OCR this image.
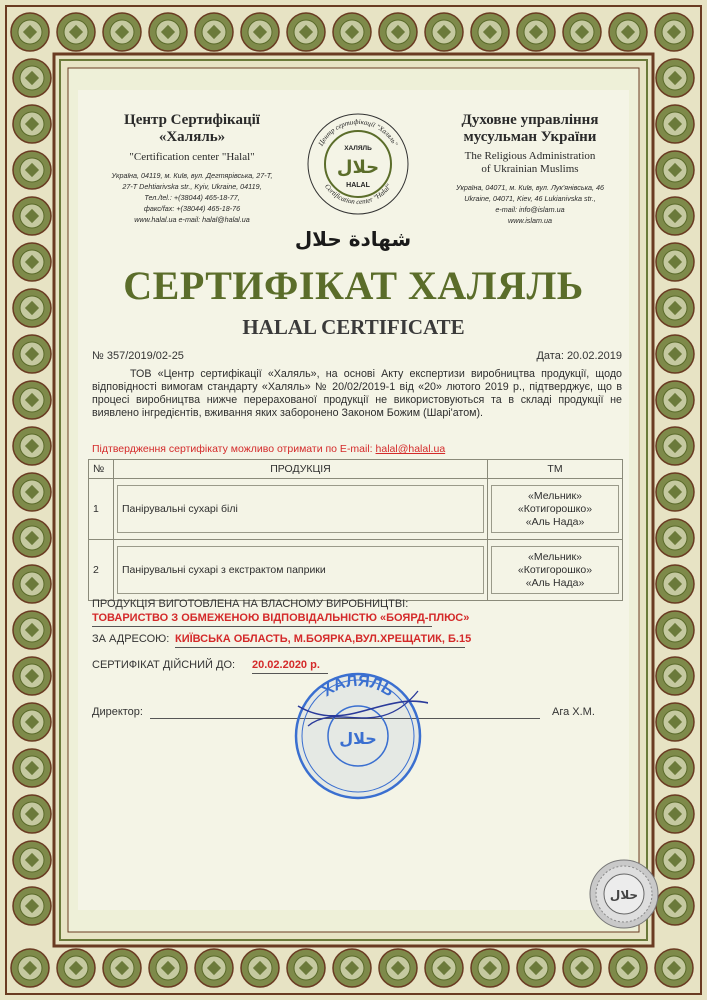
Центр Сертифікації
«Халяль»
"Certification center "Halal"
Україна, 04119, м. Київ, вул. Дегтярівська, 27-Т,
27-T Dehtiarivska str., Kyiv, Ukraine, 04119,
Тел./tel.: +(38044) 465-18-77,
факс/fax: +(38044) 465-18-76
www.halal.ua e-mail: halal@halal.ua
Центр сертифікації "Халяль"
Certification center "Halal"
ХАЛЯЛЬ
حلال
HALAL
Духовне управління
мусульман України
The Religious Administration
of Ukrainian Muslims
Україна, 04071, м. Київ, вул. Лук'янівська, 46
Ukraine, 04071, Kiev, 46 Lukianivska str.,
e-mail: info@islam.ua
www.islam.ua
شهادة حلال
СЕРТИФІКАТ ХАЛЯЛЬ
HALAL CERTIFICATE
№ 357/2019/02-25	Дата: 20.02.2019
ТОВ «Центр сертифікації «Халяль», на основі Акту експертизи виробництва продукції, щодо відповідності вимогам стандарту «Халяль» № 20/02/2019-1 від «20» лютого 2019 р., підтверджує, що в процесі виробництва нижче перерахованої продукції не використовуються та в складі продукції не виявлено інгредієнтів, вживання яких заборонено Законом Божим (Шарі'атом).
Підтвердження сертифікату можливо отримати по E-mail: halal@halal.ua
№	ПРОДУКЦІЯ	ТМ
1	Панірувальні сухарі білі	«Мельник»
«Котигорошко»
«Аль Нада»

2	Панірувальні сухарі з екстрактом паприки	«Мельник»
«Котигорошко»
«Аль Нада»
ПРОДУКЦІЯ ВИГОТОВЛЕНА НА ВЛАСНОМУ ВИРОБНИЦТВІ:
ТОВАРИСТВО З ОБМЕЖЕНОЮ ВІДПОВІДАЛЬНІСТЮ «БОЯРД-ПЛЮС»
ЗА АДРЕСОЮ: КИЇВСЬКА ОБЛАСТЬ, М.БОЯРКА,ВУЛ.ХРЕЩАТИК, Б.15
СЕРТИФІКАТ ДІЙСНИЙ ДО: 20.02.2020 р.
Директор:	Ага Х.М.
ХАЛЯЛЬ
حلال
حلال
